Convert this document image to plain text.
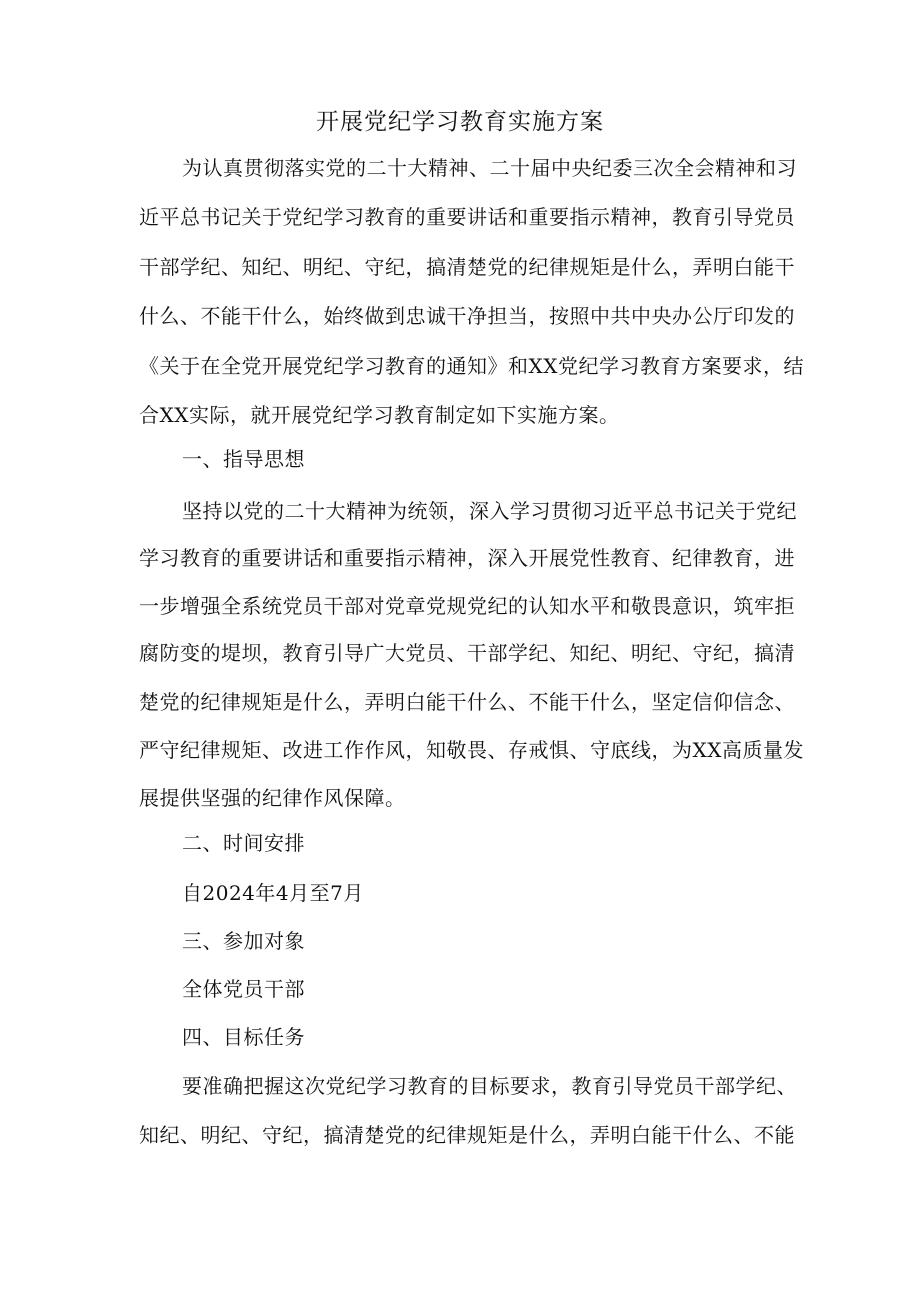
开展党纪学习教育实施方案
为认真贯彻落实党的二十大精神、二十届中央纪委三次全会精神和习
近平总书记关于党纪学习教育的重要讲话和重要指示精神，教育引导党员
干部学纪、知纪、明纪、守纪，搞清楚党的纪律规矩是什么，弄明白能干
什么、不能干什么，始终做到忠诚干净担当，按照中共中央办公厅印发的
《关于在全党开展党纪学习教育的通知》和XX党纪学习教育方案要求，结
合XX实际，就开展党纪学习教育制定如下实施方案。
一、指导思想
坚持以党的二十大精神为统领，深入学习贯彻习近平总书记关于党纪
学习教育的重要讲话和重要指示精神，深入开展党性教育、纪律教育，进
一步增强全系统党员干部对党章党规党纪的认知水平和敬畏意识，筑牢拒
腐防变的堤坝，教育引导广大党员、干部学纪、知纪、明纪、守纪，搞清
楚党的纪律规矩是什么，弄明白能干什么、不能干什么，坚定信仰信念、
严守纪律规矩、改进工作作风，知敬畏、存戒惧、守底线，为XX高质量发
展提供坚强的纪律作风保障。
二、时间安排
自2024年4月至7月
三、参加对象
全体党员干部
四、目标任务
要准确把握这次党纪学习教育的目标要求，教育引导党员干部学纪、
知纪、明纪、守纪，搞清楚党的纪律规矩是什么，弄明白能干什么、不能
